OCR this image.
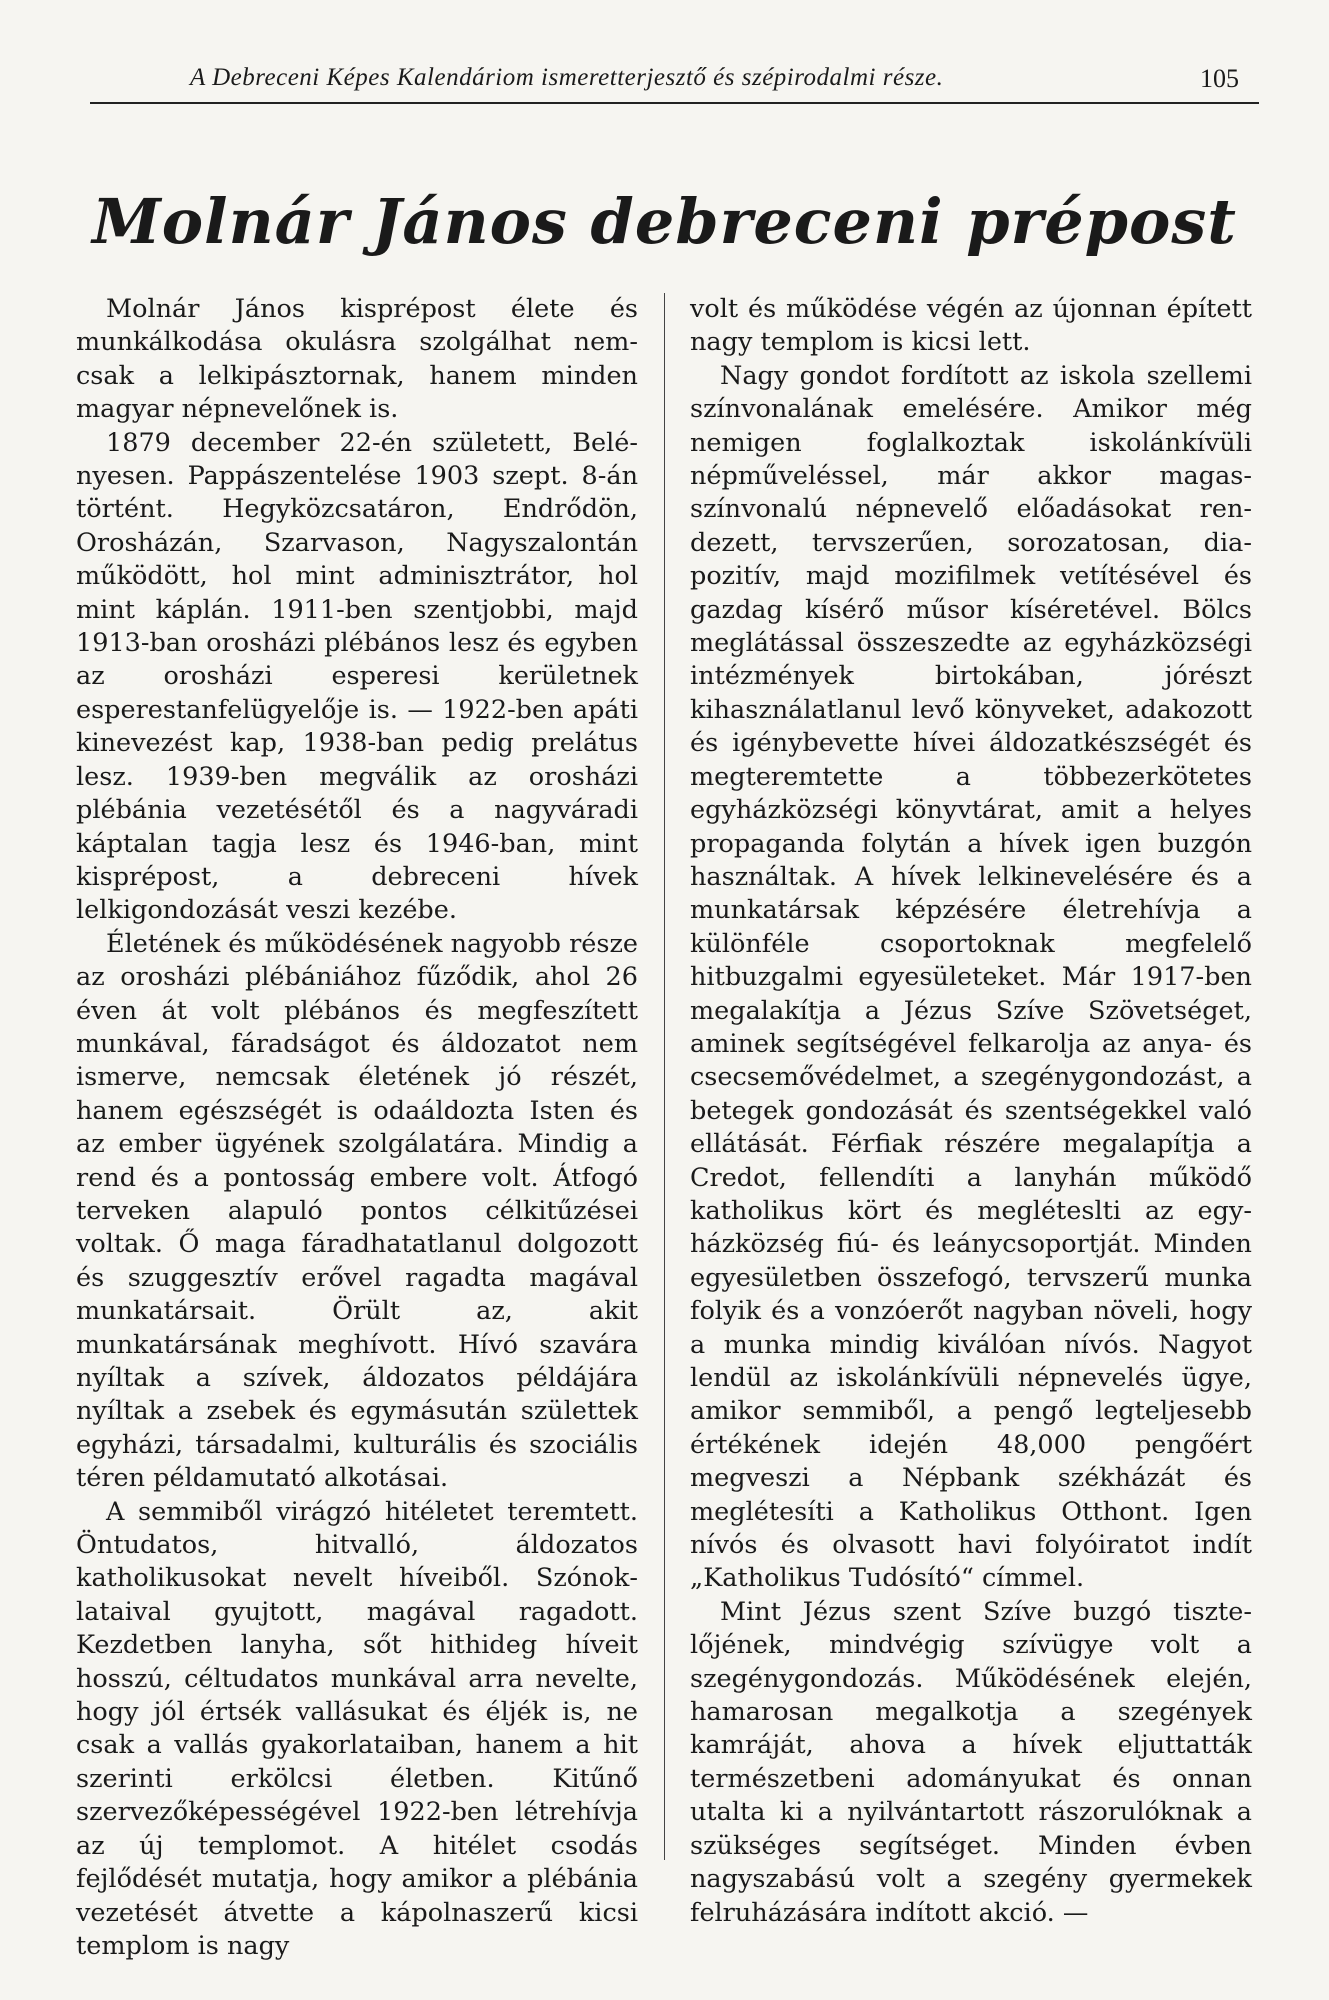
A Debreceni Képes Kalendáriom ismeretterjesztő és szépirodalmi része.	105
Molnár János debreceni prépost

Molnár János kisprépost élete és munkálkodása okulásra szolgálhat nemcsak a lelkipásztornak, hanem minden magyar népnevelőnek is.

1879 december 22-én született, Belényesen. Pappászentelése 1903 szept. 8-án történt. Hegyközcsatáron, Endrődön, Orosházán, Szarvason, Nagyszalontán működött, hol mint adminisztrátor, hol mint káplán. 1911-ben szentjobbi, majd 1913-ban orosházi plébános lesz és egyben az orosházi esperesi kerületnek esperestanfelügyelője is. — 1922-ben apáti kinevezést kap, 1938-ban pedig prelátus lesz. 1939-ben megválik az orosházi plébánia vezetésétől és a nagyváradi káptalan tagja lesz és 1946-ban, mint kisprépost, a debreceni hívek lelkigondozását veszi kezébe.

Életének és működésének nagyobb része az orosházi plébániához fűződik, ahol 26 éven át volt plébános és megfeszített munkával, fáradságot és áldozatot nem ismerve, nemcsak életének jó részét, hanem egészségét is odaáldozta Isten és az ember ügyének szolgálatára. Mindig a rend és a pontosság embere volt. Átfogó terveken alapuló pontos célkitűzései voltak. Ő maga fáradhatatlanul dolgozott és szuggesztív erővel ragadta magával munkatársait. Örült az, akit munkatársának meghívott. Hívó szavára nyíltak a szívek, áldozatos példájára nyíltak a zsebek és egymásután születtek egyházi, társadalmi, kulturális és szociális téren példamutató alkotásai.

A semmiből virágzó hitéletet teremtett. Öntudatos, hitvalló, áldozatos katholikusokat nevelt híveiből. Szónoklataival gyujtott, magával ragadott. Kezdetben lanyha, sőt hithideg híveit hosszú, céltudatos munkával arra nevelte, hogy jól értsék vallásukat és éljék is, ne csak a vallás gyakorlataiban, hanem a hit szerinti erkölcsi életben. Kitűnő szervezőképességével 1922-ben létrehívja az új templomot. A hitélet csodás fejlődését mutatja, hogy amikor a plébánia vezetését átvette a kápolnaszerű kicsi templom is nagy

volt és működése végén az újonnan épített nagy templom is kicsi lett.

Nagy gondot fordított az iskola szellemi színvonalának emelésére. Amikor még nemigen foglalkoztak iskolánkívüli népműveléssel, már akkor magasszínvonalú népnevelő előadásokat rendezett, tervszerűen, sorozatosan, diapozitív, majd mozifilmek vetítésével és gazdag kísérő műsor kíséretével. Bölcs meglátással összeszedte az egyházközségi intézmények birtokában, jórészt kihasználatlanul levő könyveket, adakozott és igénybevette hívei áldozatkészségét és megteremtette a többezerkötetes egyházközségi könyvtárat, amit a helyes propaganda folytán a hívek igen buzgón használtak. A hívek lelkinevelésére és a munkatársak képzésére életrehívja a különféle csoportoknak megfelelő hitbuzgalmi egyesületeket. Már 1917-ben megalakítja a Jézus Szíve Szövetséget, aminek segítségével felkarolja az anya- és csecsemővédelmet, a szegénygondozást, a betegek gondozását és szentségekkel való ellátását. Férfiak részére megalapítja a Credot, fellendíti a lanyhán működő katholikus kört és megléteslti az egyházközség fiú- és leánycsoportját. Minden egyesületben összefogó, tervszerű munka folyik és a vonzóerőt nagyban növeli, hogy a munka mindig kiválóan nívós. Nagyot lendül az iskolánkívüli népnevelés ügye, amikor semmiből, a pengő legteljesebb értékének idején 48,000 pengőért megveszi a Népbank székházát és meglétesíti a Katholikus Otthont. Igen nívós és olvasott havi folyóiratot indít „Katholikus Tudósító“ címmel.

Mint Jézus szent Szíve buzgó tisztelőjének, mindvégig szívügye volt a szegénygondozás. Működésének elején, hamarosan megalkotja a szegények kamráját, ahova a hívek eljuttatták természetbeni adományukat és onnan utalta ki a nyilvántartott rászorulóknak a szükséges segítséget. Minden évben nagyszabású volt a szegény gyermekek felruházására indított akció. —
